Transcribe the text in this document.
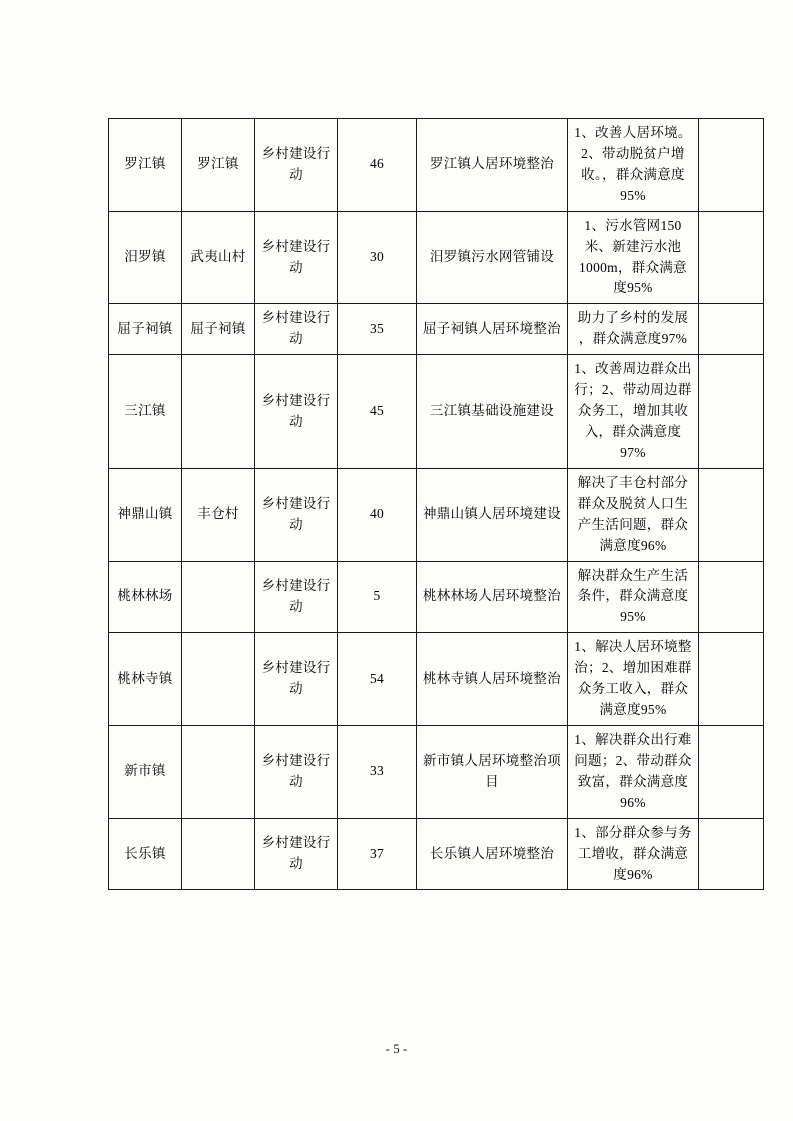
罗江镇	罗江镇	乡村建设行动	46	罗江镇人居环境整治	1、改善人居环境。2、带动脱贫户增收。，群众满意度95%	
汨罗镇	武夷山村	乡村建设行动	30	汨罗镇污水网管铺设	1、污水管网150米、新建污水池1000m，群众满意度95%	
屈子祠镇	屈子祠镇	乡村建设行动	35	屈子祠镇人居环境整治	助力了乡村的发展 ，群众满意度97%	
三江镇		乡村建设行动	45	三江镇基础设施建设	1、改善周边群众出行；2、带动周边群众务工，增加其收入，群众满意度97%	
神鼎山镇	丰仓村	乡村建设行动	40	神鼎山镇人居环境建设	解决了丰仓村部分群众及脱贫人口生产生活问题，群众满意度96%	
桃林林场		乡村建设行动	5	桃林林场人居环境整治	解决群众生产生活条件，群众满意度95%	
桃林寺镇		乡村建设行动	54	桃林寺镇人居环境整治	1、解决人居环境整治；2、增加困难群众务工收入，群众满意度95%	
新市镇		乡村建设行动	33	新市镇人居环境整治项目	1、解决群众出行难问题；2、带动群众致富，群众满意度96%	
长乐镇		乡村建设行动	37	长乐镇人居环境整治	1、部分群众参与务工增收，群众满意度96%	
- 5 -
